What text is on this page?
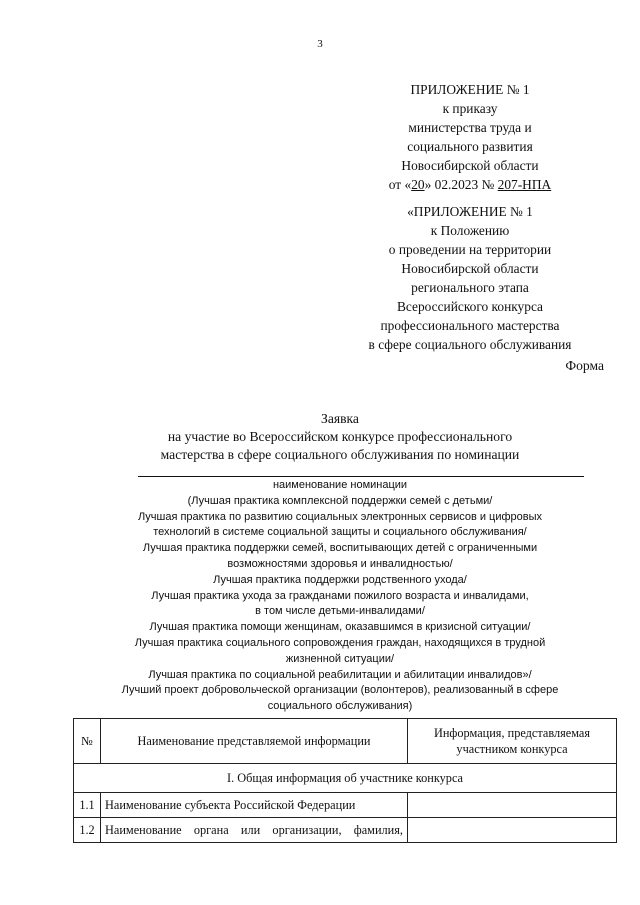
3
ПРИЛОЖЕНИЕ № 1
к приказу
министерства труда и
социального развития
Новосибирской области
от «20» 02.2023 № 207-НПА
«ПРИЛОЖЕНИЕ № 1
к Положению
о проведении на территории
Новосибирской области
регионального этапа
Всероссийского конкурса
профессионального мастерства
в сфере социального обслуживания
Форма
Заявка
на участие во Всероссийском конкурсе профессионального
мастерства в сфере социального обслуживания по номинации
наименование номинации
(Лучшая практика комплексной поддержки семей с детьми/
Лучшая практика по развитию социальных электронных сервисов и цифровых
технологий в системе социальной защиты и социального обслуживания/
Лучшая практика поддержки семей, воспитывающих детей с ограниченными
возможностями здоровья и инвалидностью/
Лучшая практика поддержки родственного ухода/
Лучшая практика ухода за гражданами пожилого возраста и инвалидами,
в том числе детьми-инвалидами/
Лучшая практика помощи женщинам, оказавшимся в кризисной ситуации/
Лучшая практика социального сопровождения граждан, находящихся в трудной
жизненной ситуации/
Лучшая практика по социальной реабилитации и абилитации инвалидов»/
Лучший проект добровольческой организации (волонтеров), реализованный в сфере
социального обслуживания)
№	Наименование представляемой информации	Информация, представляемая участником конкурса
I. Общая информация об участнике конкурса		
1.1	Наименование субъекта Российской Федерации	
1.2	Наименование органа или организации, фамилия,	
